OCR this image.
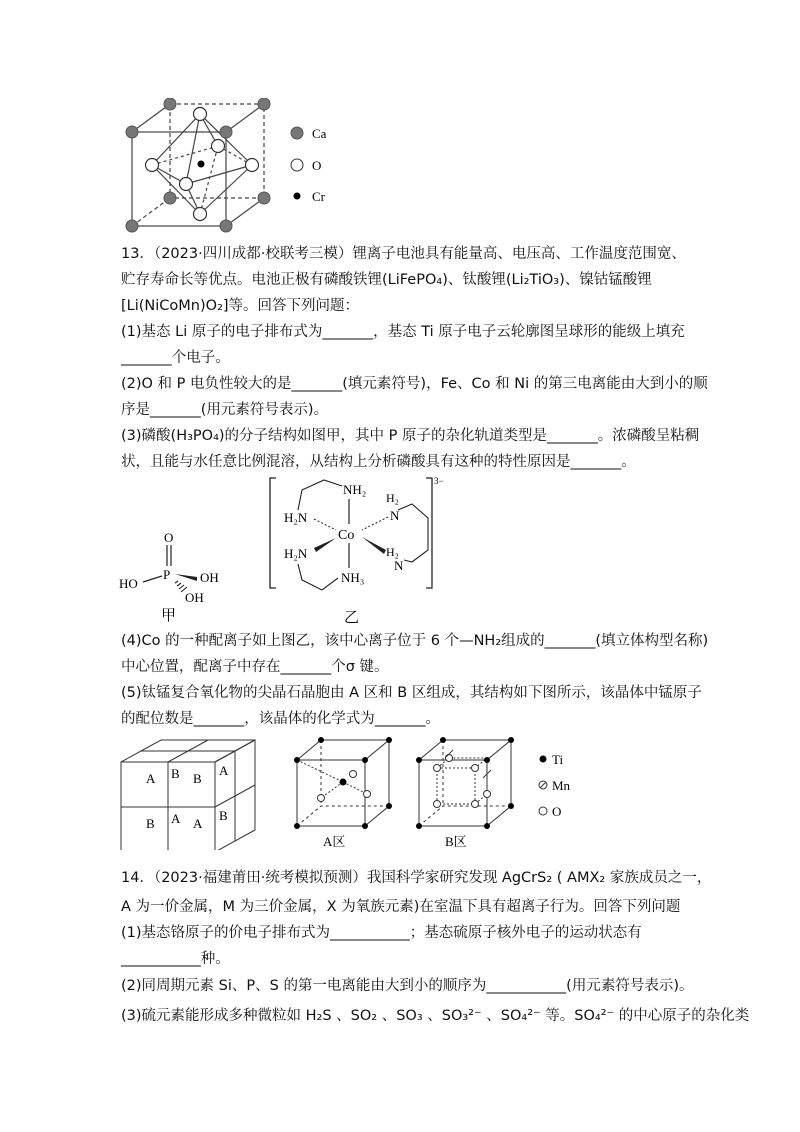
Ca
O
Cr
13．（2023·四川成都·校联考三模）锂离子电池具有能量高、电压高、工作温度范围宽、
贮存寿命长等优点。电池正极有磷酸铁锂(LiFePO₄)、钛酸锂(Li₂TiO₃)、镍钴锰酸锂
[Li(NiCoMn)O₂]等。回答下列问题：
(1)基态 Li 原子的电子排布式为_______，基态 Ti 原子电子云轮廓图呈球形的能级上填充
_______个电子。
(2)O 和 P 电负性较大的是_______(填元素符号)，Fe、Co 和 Ni 的第三电离能由大到小的顺
序是_______(用元素符号表示)。
(3)磷酸(H₃PO₄)的分子结构如图甲，其中 P 原子的杂化轨道类型是_______。浓磷酸呈粘稠
状，且能与水任意比例混溶，从结构上分析磷酸具有这种的特性原因是_______。
O
P
HO	OH
OH
甲
3−
Co
NH₂
H₂N
H₂
N
H₂N	H₂
N
NH₃
乙
(4)Co 的一种配离子如上图乙，该中心离子位于 6 个—NH₂组成的_______(填立体构型名称)
中心位置，配离子中存在_______个σ 键。
(5)钛锰复合氧化物的尖晶石晶胞由 A 区和 B 区组成，其结构如下图所示，该晶体中锰原子
的配位数是_______，该晶体的化学式为_______。
A B B
A
B A A
B
A区	B区
Ti
Mn
O
14．（2023·福建莆田·统考模拟预测）我国科学家研究发现 AgCrS₂ ( AMX₂ 家族成员之一，
A 为一价金属，M 为三价金属，X 为氧族元素)在室温下具有超离子行为。回答下列问题
(1)基态铬原子的价电子排布式为___________；基态硫原子核外电子的运动状态有
___________种。
(2)同周期元素 Si、P、S 的第一电离能由大到小的顺序为___________(用元素符号表示)。
(3)硫元素能形成多种微粒如 H₂S 、SO₂ 、SO₃ 、SO₃²⁻ 、SO₄²⁻ 等。SO₄²⁻ 的中心原子的杂化类
